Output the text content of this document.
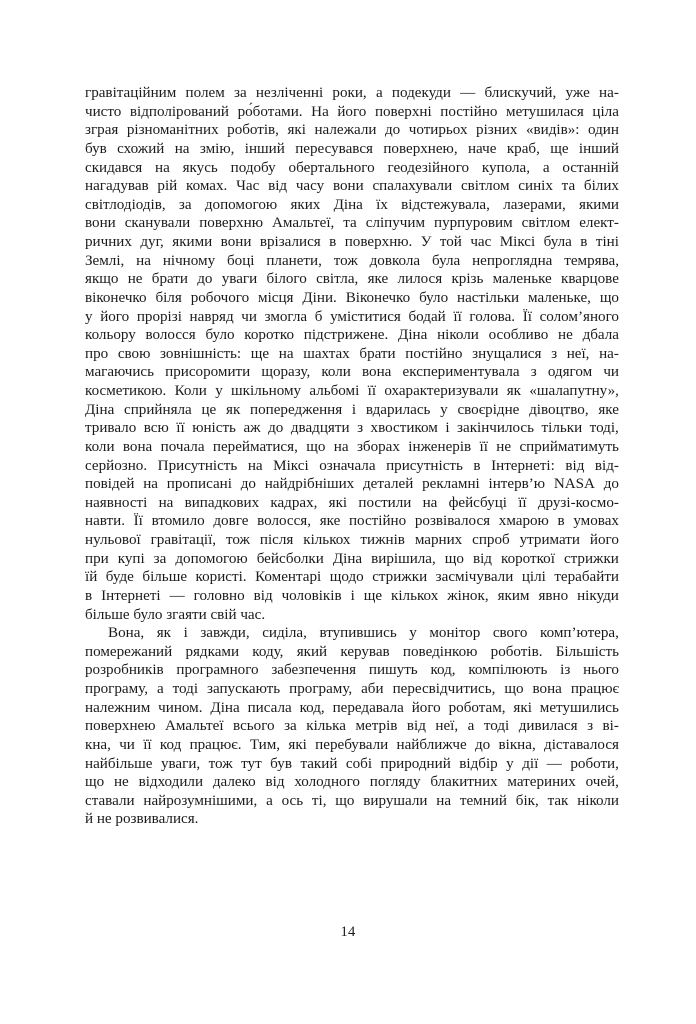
гравітаційним полем за незліченні роки, а подекуди — блискучий, уже на-
чисто відполірований ро́ботами. На його поверхні постійно метушилася ціла
зграя різноманітних роботів, які належали до чотирьох різних «видів»: один
був схожий на змію, інший пересувався поверхнею, наче краб, ще інший
скидався на якусь подобу обертального геодезійного купола, а останній
нагадував рій комах. Час від часу вони спалахували світлом синіх та білих
світлодіодів, за допомогою яких Діна їх відстежувала, лазерами, якими
вони сканували поверхню Амальтеї, та сліпучим пурпуровим світлом елект-
ричних дуг, якими вони врізалися в поверхню. У той час Міксі була в тіні
Землі, на нічному боці планети, тож довкола була непроглядна темрява,
якщо не брати до уваги білого світла, яке лилося крізь маленьке кварцове
віконечко біля робочого місця Діни. Віконечко було настільки маленьке, що
у його прорізі навряд чи змогла б уміститися бодай її голова. Її солом’яного
кольору волосся було коротко підстрижене. Діна ніколи особливо не дбала
про свою зовнішність: ще на шахтах брати постійно знущалися з неї, на-
магаючись присоромити щоразу, коли вона експериментувала з одягом чи
косметикою. Коли у шкільному альбомі її охарактеризували як «шалапутну»,
Діна сприйняла це як попередження і вдарилась у своєрідне дівоцтво, яке
тривало всю її юність аж до двадцяти з хвостиком і закінчилось тільки тоді,
коли вона почала перейматися, що на зборах інженерів її не сприйматимуть
серйозно. Присутність на Міксі означала присутність в Інтернеті: від від-
повідей на прописані до найдрібніших деталей рекламні інтерв’ю NASA до
наявності на випадкових кадрах, які постили на фейсбуці її друзі-космо-
навти. Її втомило довге волосся, яке постійно розвівалося хмарою в умовах
нульової гравітації, тож після кількох тижнів марних спроб утримати його
при купі за допомогою бейсболки Діна вирішила, що від короткої стрижки
їй буде більше користі. Коментарі щодо стрижки засмічували цілі терабайти
в Інтернеті — головно від чоловіків і ще кількох жінок, яким явно нікуди
більше було згаяти свій час.

Вона, як і завжди, сиділа, втупившись у монітор свого комп’ютера,
помережаний рядками коду, який керував поведінкою роботів. Більшість
розробників програмного забезпечення пишуть код, компілюють із нього
програму, а тоді запускають програму, аби пересвідчитись, що вона працює
належним чином. Діна писала код, передавала його роботам, які метушились
поверхнею Амальтеї всього за кілька метрів від неї, а тоді дивилася з ві-
кна, чи її код працює. Тим, які перебували найближче до вікна, діставалося
найбільше уваги, тож тут був такий собі природний відбір у дії — роботи,
що не відходили далеко від холодного погляду блакитних материних очей,
ставали найрозумнішими, а ось ті, що вирушали на темний бік, так ніколи
й не розвивалися.

14
